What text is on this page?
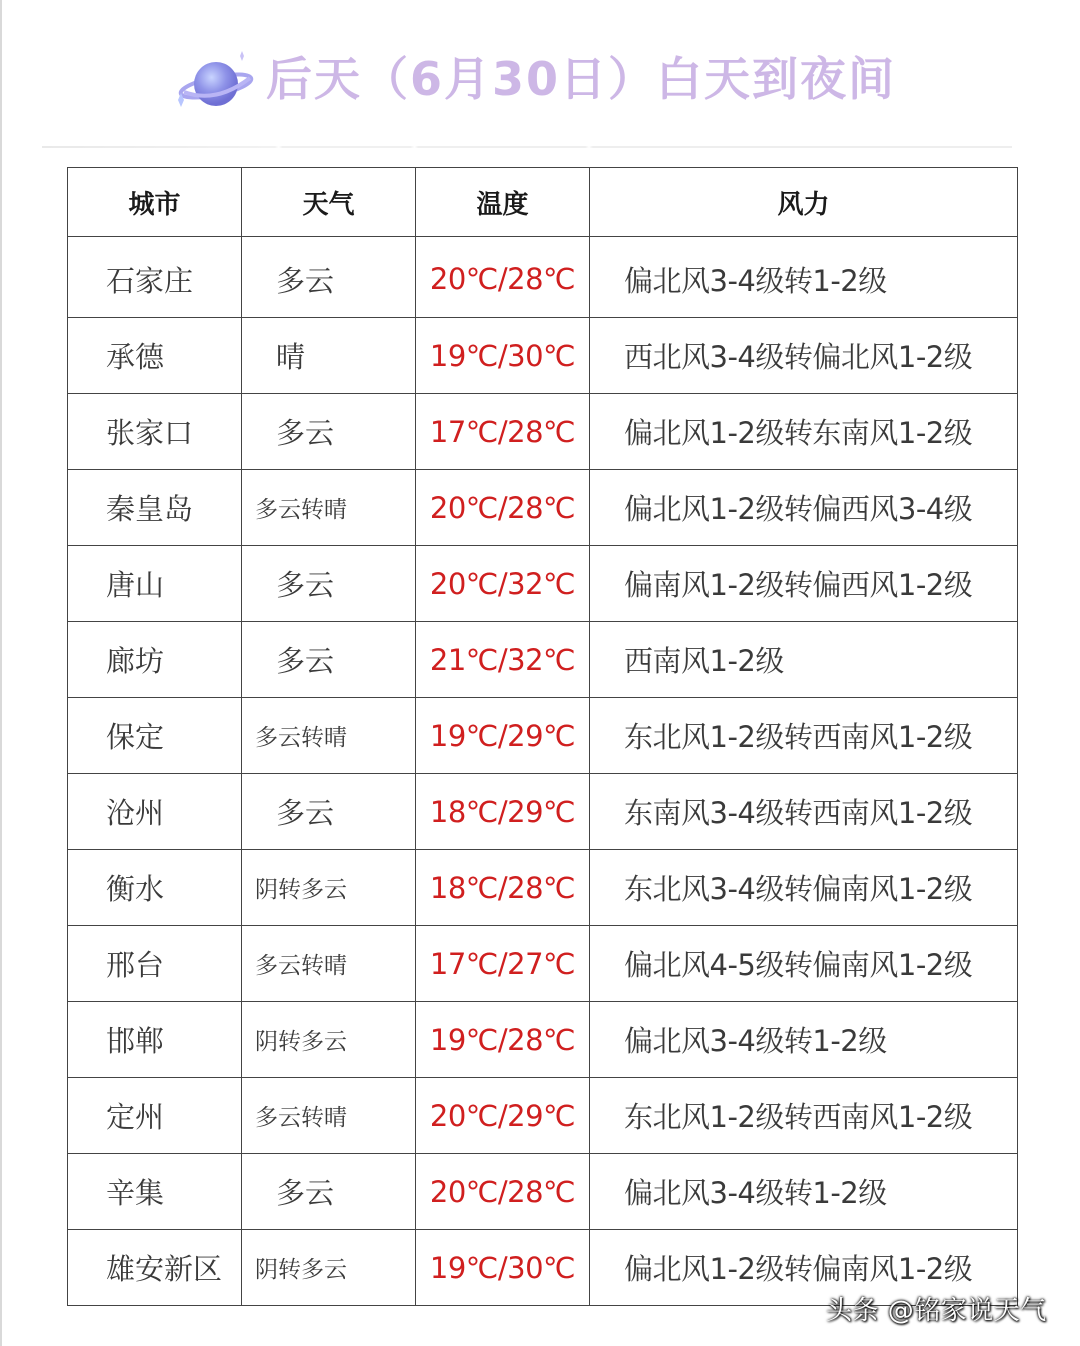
后天（6月30日）白天到夜间
城市	天气	温度	风力
石家庄	多云	20℃/28℃	偏北风3-4级转1-2级
承德	晴	19℃/30℃	西北风3-4级转偏北风1-2级
张家口	多云	17℃/28℃	偏北风1-2级转东南风1-2级
秦皇岛	多云转晴	20℃/28℃	偏北风1-2级转偏西风3-4级
唐山	多云	20℃/32℃	偏南风1-2级转偏西风1-2级
廊坊	多云	21℃/32℃	西南风1-2级
保定	多云转晴	19℃/29℃	东北风1-2级转西南风1-2级
沧州	多云	18℃/29℃	东南风3-4级转西南风1-2级
衡水	阴转多云	18℃/28℃	东北风3-4级转偏南风1-2级
邢台	多云转晴	17℃/27℃	偏北风4-5级转偏南风1-2级
邯郸	阴转多云	19℃/28℃	偏北风3-4级转1-2级
定州	多云转晴	20℃/29℃	东北风1-2级转西南风1-2级
辛集	多云	20℃/28℃	偏北风3-4级转1-2级
雄安新区	阴转多云	19℃/30℃	偏北风1-2级转偏南风1-2级
头条 @铭家说天气
